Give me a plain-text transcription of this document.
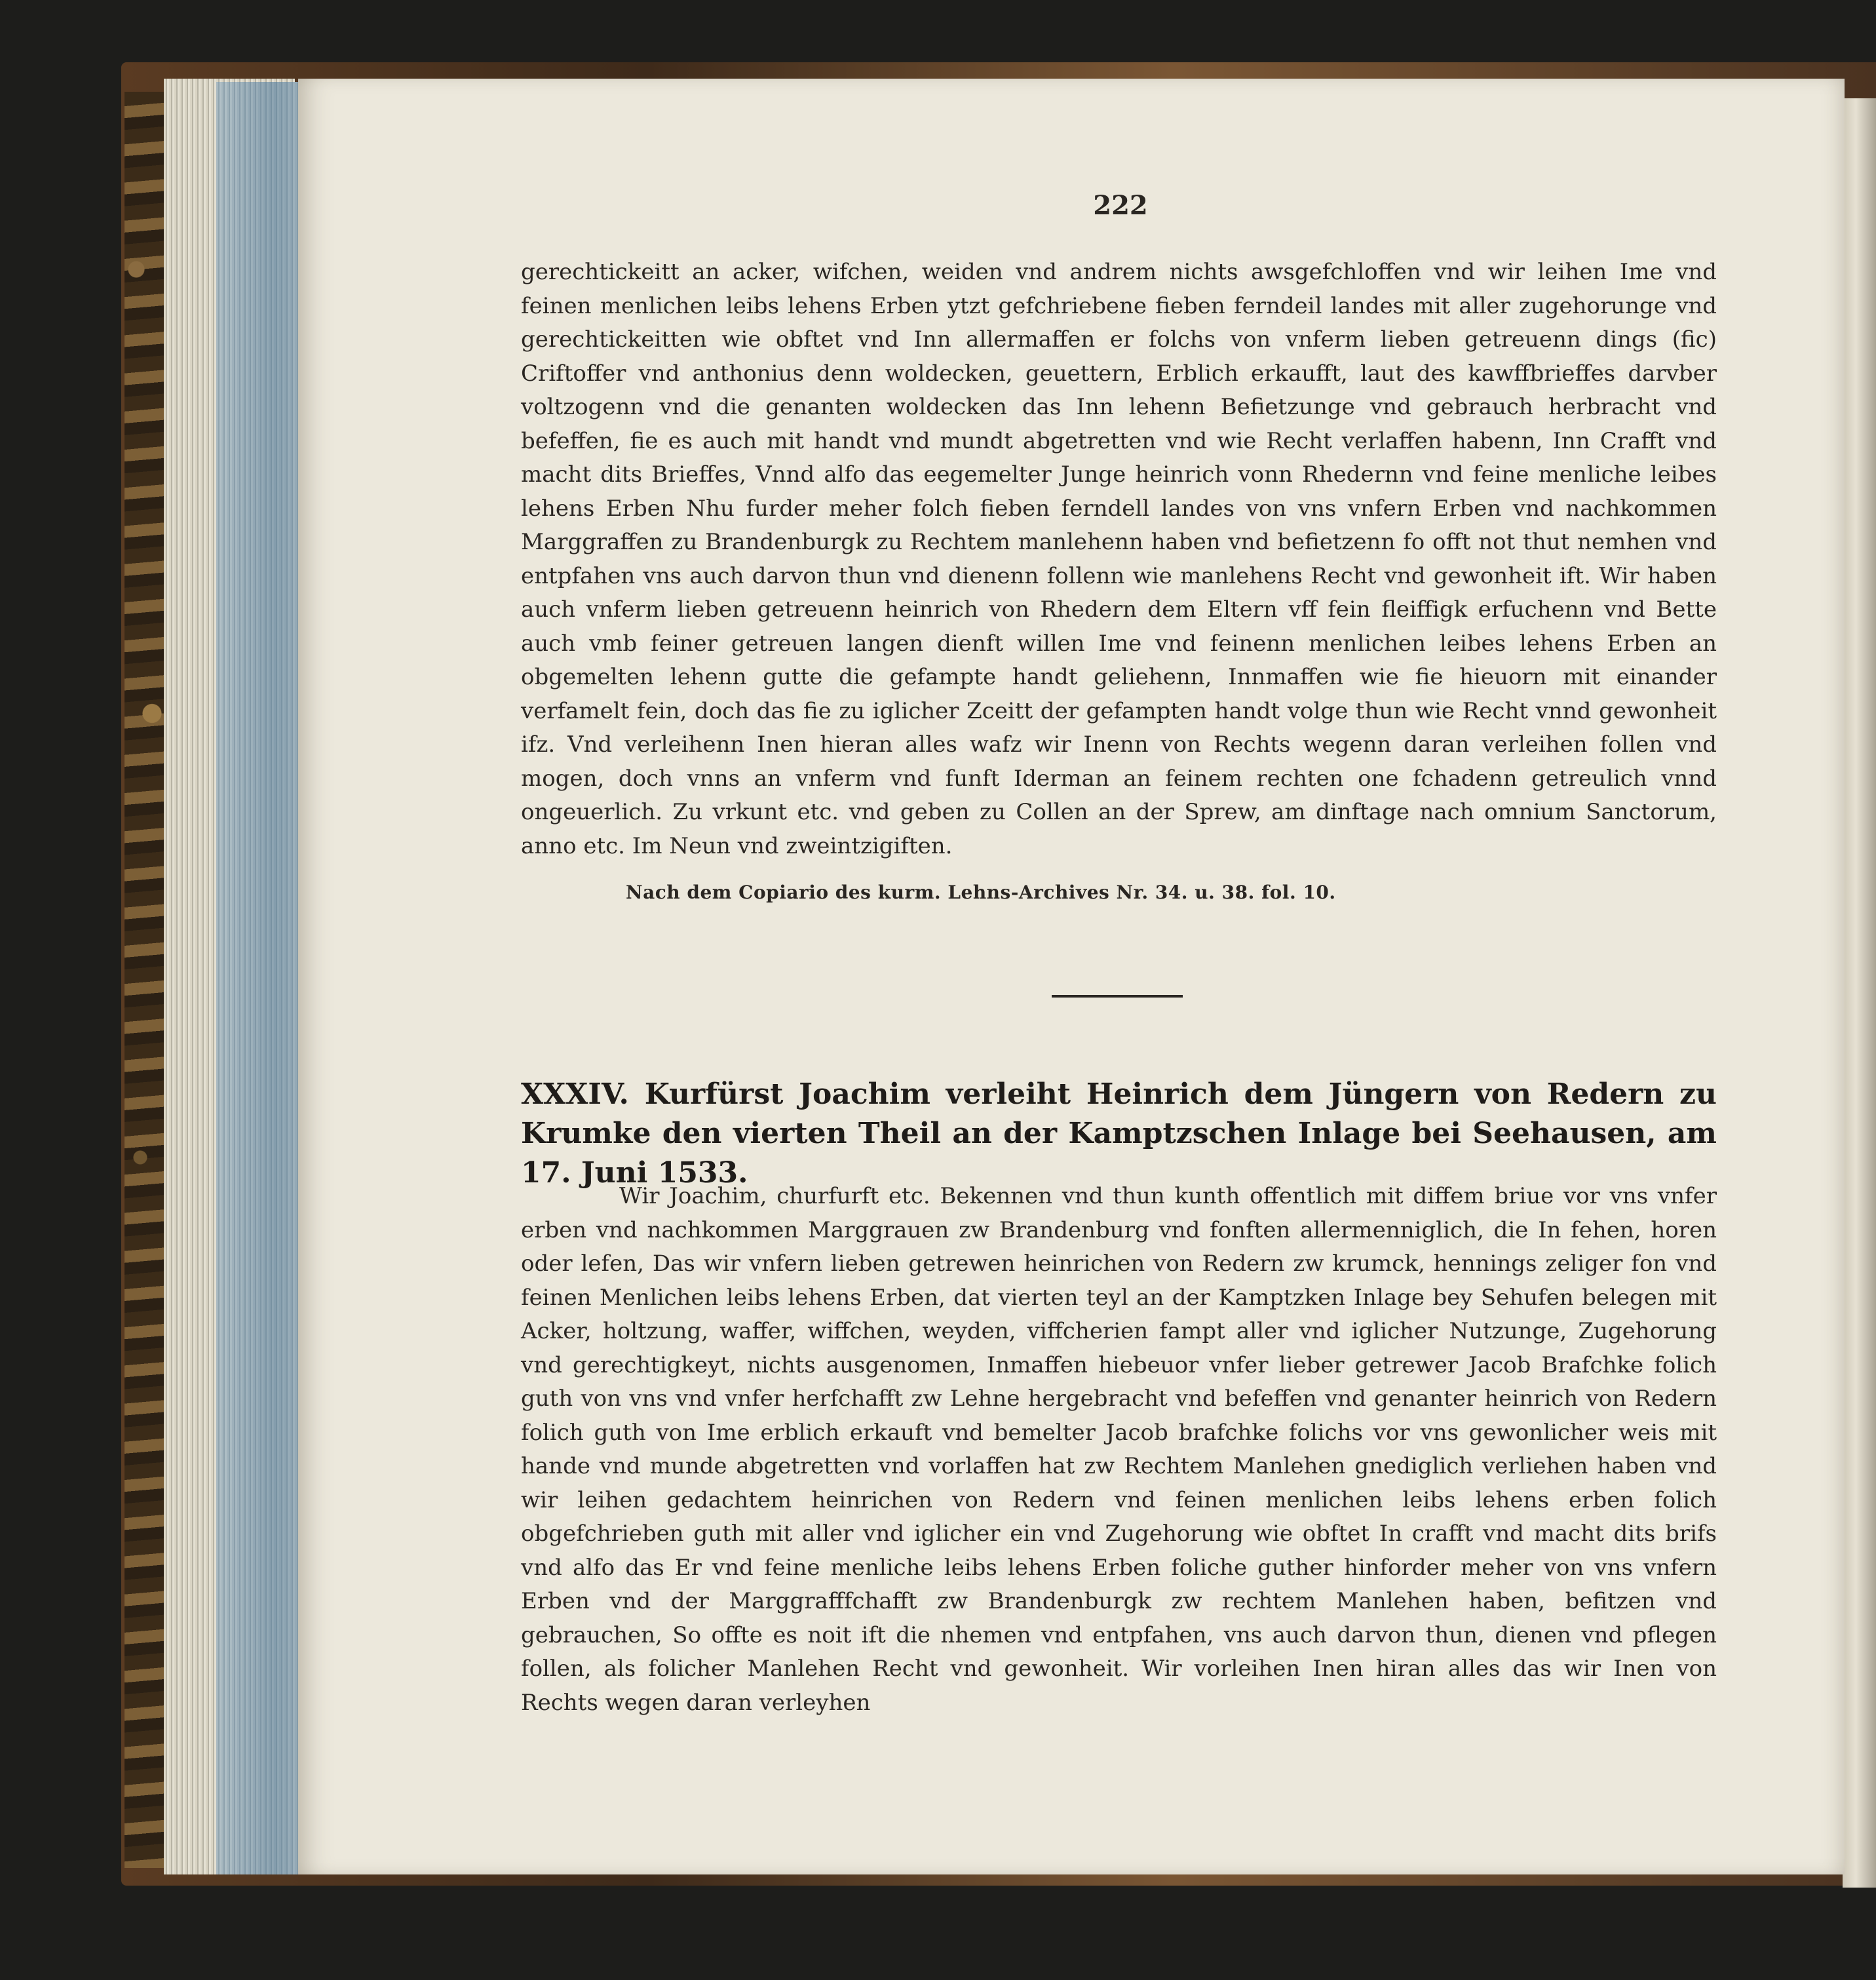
222

gerechtickeitt an acker, wifchen, weiden vnd andrem nichts awsgefchloffen vnd wir leihen Ime vnd feinen menlichen leibs lehens Erben ytzt gefchriebene fieben ferndeil landes mit aller zugehorunge vnd gerechtickeitten wie obftet vnd Inn allermaffen er folchs von vnferm lieben getreuenn dings (fic) Criftoffer vnd anthonius denn woldecken, geuettern, Erblich erkaufft, laut des kawffbrieffes darvber voltzogenn vnd die genanten woldecken das Inn lehenn Befietzunge vnd gebrauch herbracht vnd befeffen, fie es auch mit handt vnd mundt abgetretten vnd wie Recht verlaffen habenn, Inn Crafft vnd macht dits Brieffes, Vnnd alfo das eegemelter Junge heinrich vonn Rhedernn vnd feine menliche leibes lehens Erben Nhu furder meher folch fieben ferndell landes von vns vnfern Erben vnd nachkommen Marggraffen zu Brandenburgk zu Rechtem manlehenn haben vnd befietzenn fo offt not thut nemhen vnd entpfahen vns auch darvon thun vnd dienenn follenn wie manlehens Recht vnd gewonheit ift. Wir haben auch vnferm lieben getreuenn heinrich von Rhedern dem Eltern vff fein fleiffigk erfuchenn vnd Bette auch vmb feiner getreuen langen dienft willen Ime vnd feinenn menlichen leibes lehens Erben an obgemelten lehenn gutte die gefampte handt geliehenn, Innmaffen wie fie hieuorn mit einander verfamelt fein, doch das fie zu iglicher Zceitt der gefampten handt volge thun wie Recht vnnd gewonheit ifz. Vnd verleihenn Inen hieran alles wafz wir Inenn von Rechts wegenn daran verleihen follen vnd mogen, doch vnns an vnferm vnd funft Iderman an feinem rechten one fchadenn getreulich vnnd ongeuerlich. Zu vrkunt etc. vnd geben zu Collen an der Sprew, am dinftage nach omnium Sanctorum, anno etc. Im Neun vnd zweintzigiften.

Nach dem Copiario des kurm. Lehns-Archives Nr. 34. u. 38. fol. 10.
XXXIV. Kurfürst Joachim verleiht Heinrich dem Jüngern von Redern zu Krumke den vierten Theil an der Kamptzschen Inlage bei Seehausen, am 17. Juni 1533.

Wir Joachim, churfurft etc. Bekennen vnd thun kunth offentlich mit diffem briue vor vns vnfer erben vnd nachkommen Marggrauen zw Brandenburg vnd fonften allermenniglich, die In fehen, horen oder lefen, Das wir vnfern lieben getrewen heinrichen von Redern zw krumck, hennings zeliger fon vnd feinen Menlichen leibs lehens Erben, dat vierten teyl an der Kamptzken Inlage bey Sehufen belegen mit Acker, holtzung, waffer, wiffchen, weyden, viffcherien fampt aller vnd iglicher Nutzunge, Zugehorung vnd gerechtigkeyt, nichts ausgenomen, Inmaffen hiebeuor vnfer lieber getrewer Jacob Brafchke folich guth von vns vnd vnfer herfchafft zw Lehne hergebracht vnd befeffen vnd genanter heinrich von Redern folich guth von Ime erblich erkauft vnd bemelter Jacob brafchke folichs vor vns gewonlicher weis mit hande vnd munde abgetretten vnd vorlaffen hat zw Rechtem Manlehen gnediglich verliehen haben vnd wir leihen gedachtem heinrichen von Redern vnd feinen menlichen leibs lehens erben folich obgefchrieben guth mit aller vnd iglicher ein vnd Zugehorung wie obftet In crafft vnd macht dits brifs vnd alfo das Er vnd feine menliche leibs lehens Erben foliche guther hinforder meher von vns vnfern Erben vnd der Marggrafffchafft zw Brandenburgk zw rechtem Manlehen haben, befitzen vnd gebrauchen, So offte es noit ift die nhemen vnd entpfahen, vns auch darvon thun, dienen vnd pflegen follen, als folicher Manlehen Recht vnd gewonheit. Wir vorleihen Inen hiran alles das wir Inen von Rechts wegen daran verleyhen
